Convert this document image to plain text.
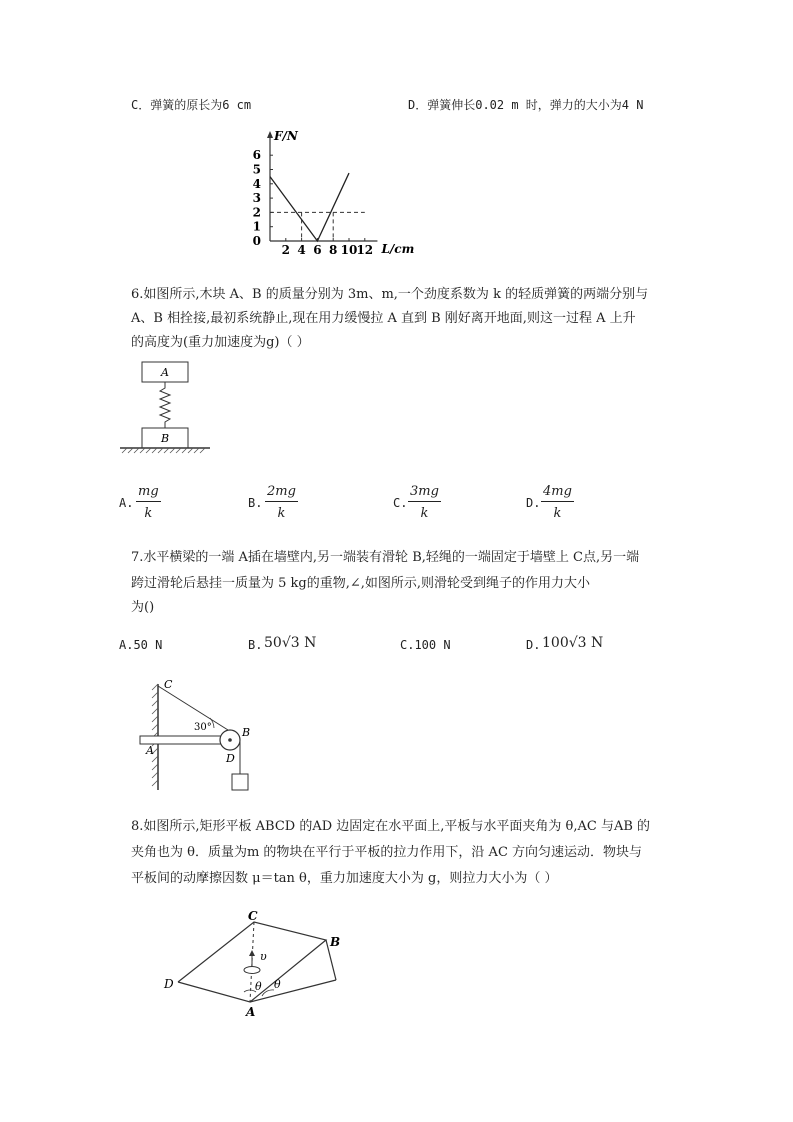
C．弹簧的原长为6 cm	D．弹簧伸长0.02 m 时，弹力的大小为4 N
F/N
L/cm
0
1
2
3
4
5
6
2 4 6 8 10 12
6.如图所示,木块 A、B 的质量分别为 3m、m,一个劲度系数为 k 的轻质弹簧的两端分别与
A、B 相拴接,最初系统静止,现在用力缓慢拉 A 直到 B 刚好离开地面,则这一过程 A 上升
的高度为(重力加速度为g)（ ）
A
B
A. $\frac{mg}{k}$	B. $\frac{2mg}{k}$	C. $\frac{3mg}{k}$	D. $\frac{4mg}{k}$
7.水平横梁的一端 A插在墙壁内,另一端装有滑轮 B,轻绳的一端固定于墙壁上 C点,另一端
跨过滑轮后悬挂一质量为 5 kg的重物,∠,如图所示,则滑轮受到绳子的作用力大小
为()
A.50 N	B. 50√3 N	C.100 N	D. 100√3 N
C
30°	B
A
D
8.如图所示,矩形平板 ABCD 的AD 边固定在水平面上,平板与水平面夹角为 θ,AC 与AB 的
夹角也为 θ．质量为m 的物块在平行于平板的拉力作用下，沿 AC 方向匀速运动．物块与
平板间的动摩擦因数 μ＝tan θ，重力加速度大小为 g，则拉力大小为（ ）
C
B
D
A
υ
θ θ
